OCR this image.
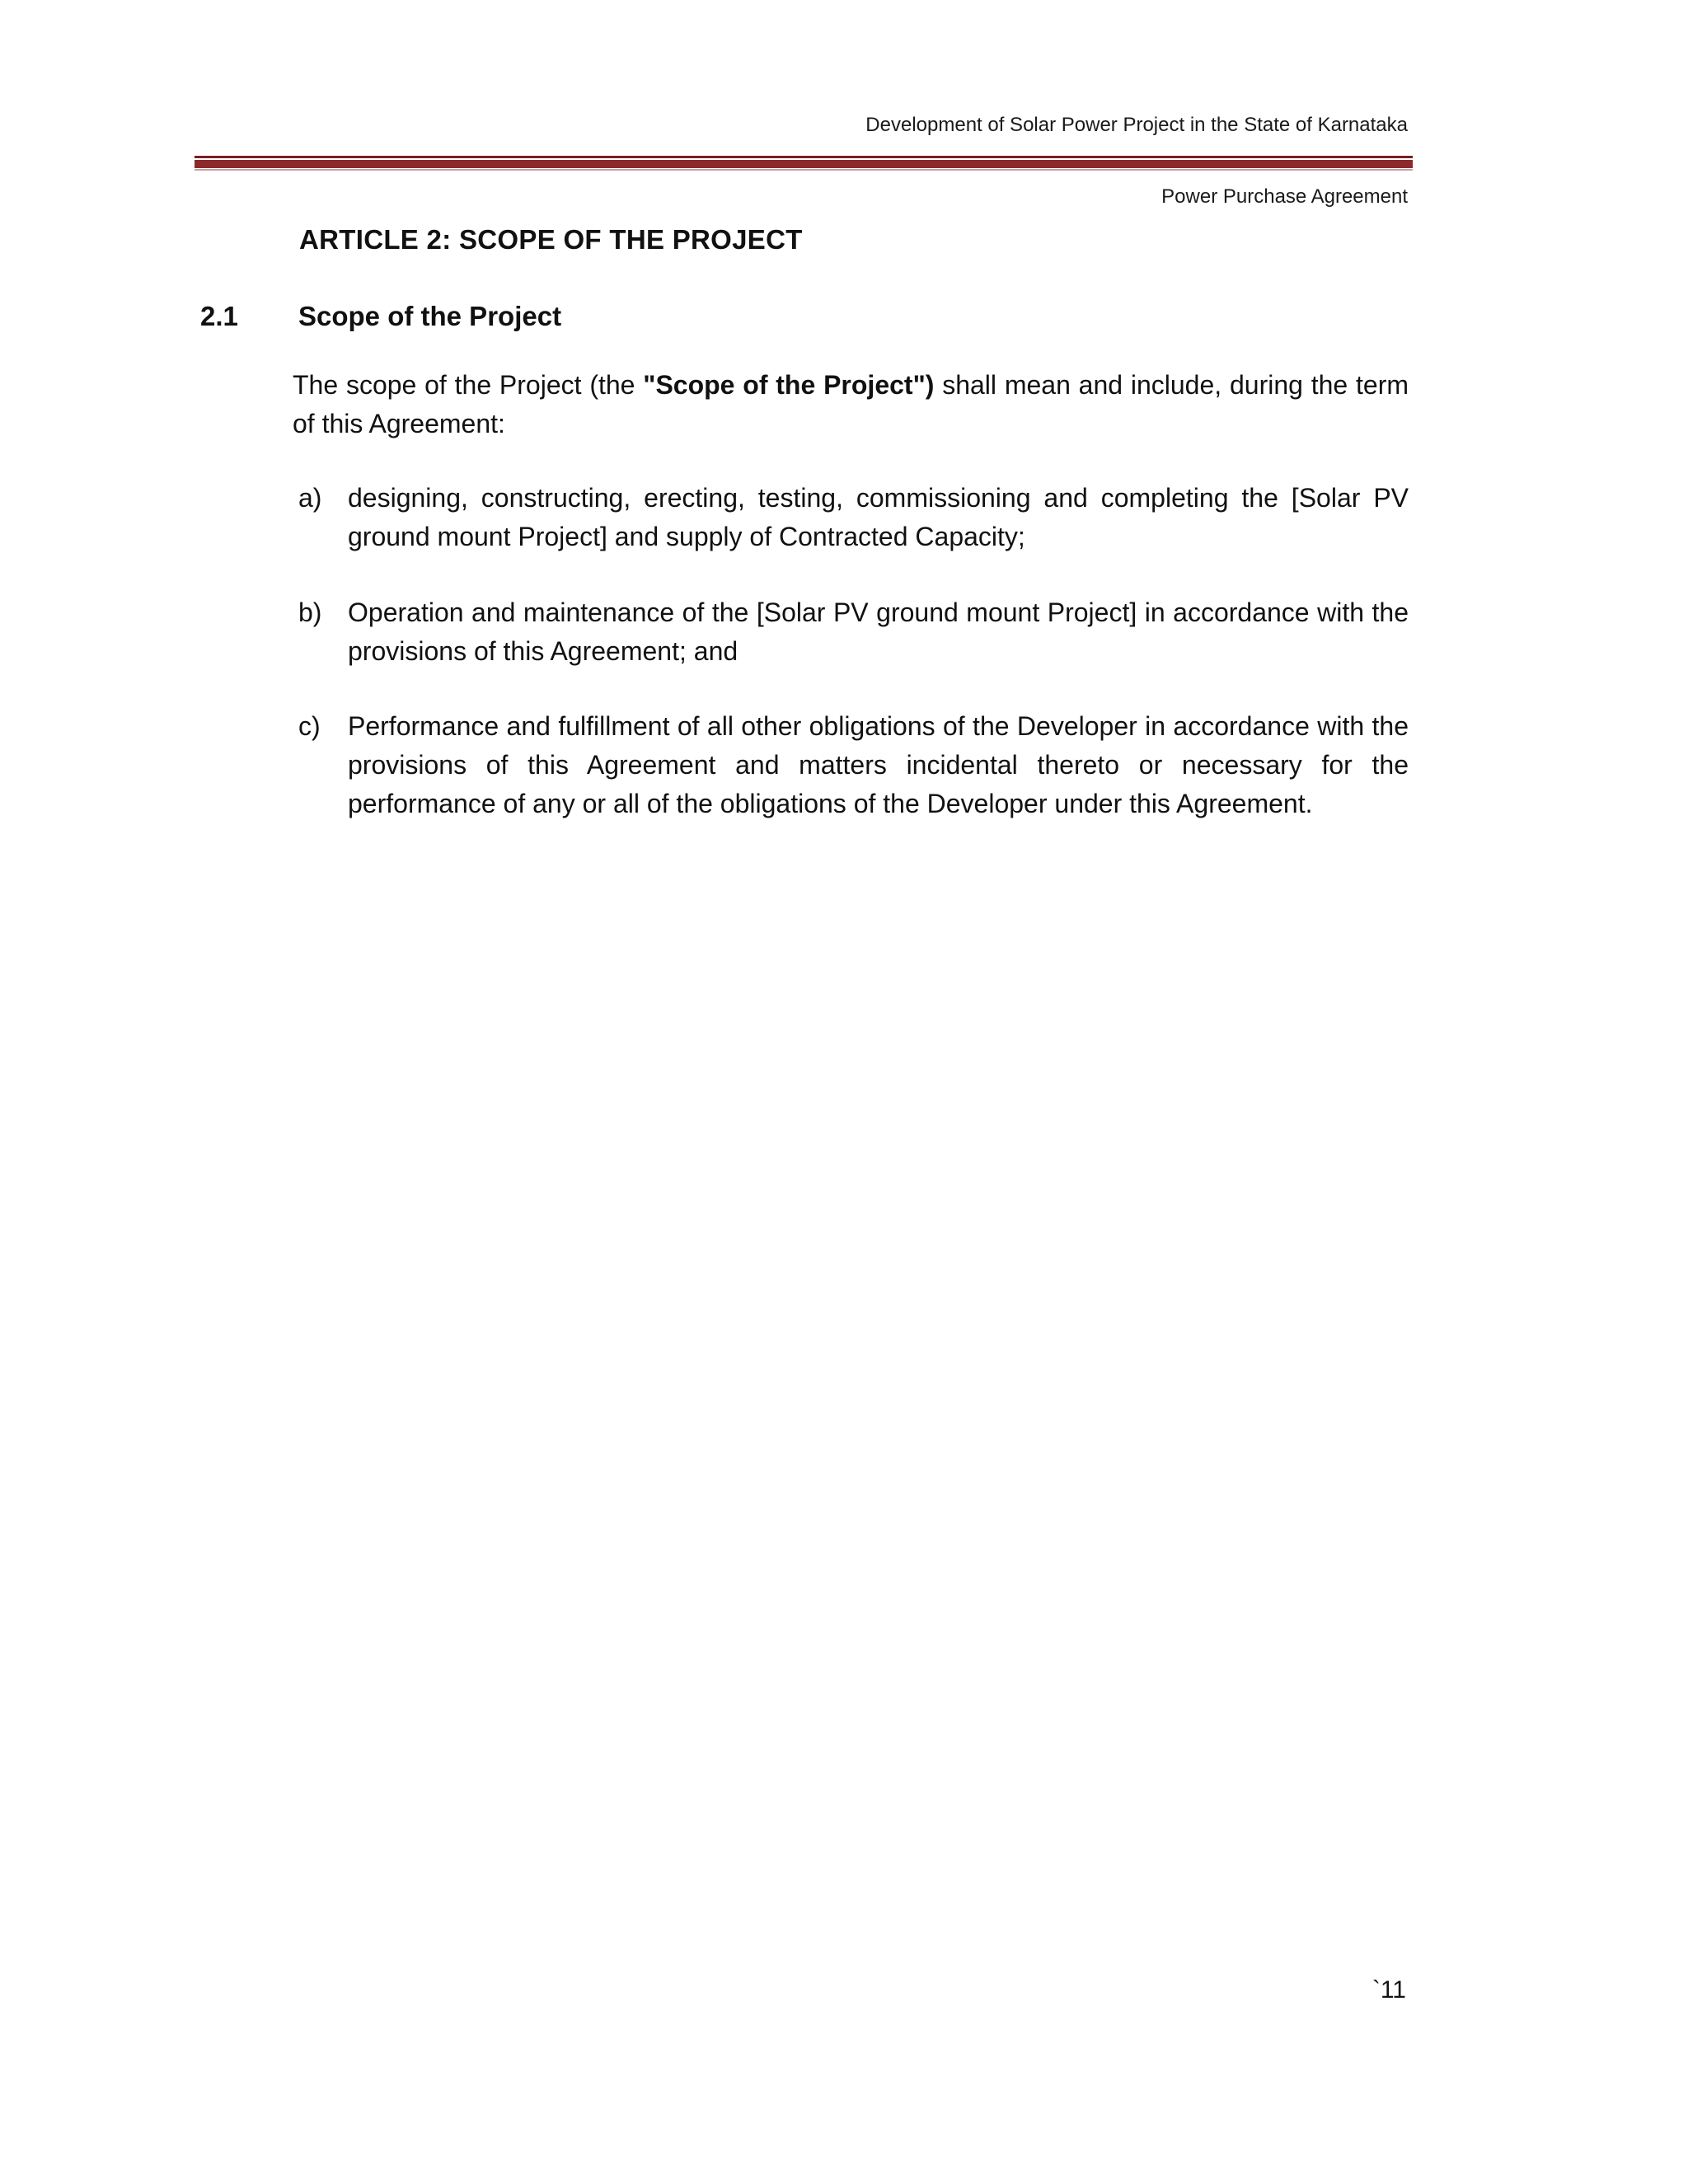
Development of Solar Power Project in the State of Karnataka
Power Purchase Agreement
ARTICLE 2: SCOPE OF THE PROJECT
2.1 Scope of the Project
The scope of the Project (the "Scope of the Project") shall mean and include, during the term of this Agreement:
a) designing, constructing, erecting, testing, commissioning and completing the [Solar PV ground mount Project] and supply of Contracted Capacity;
b) Operation and maintenance of the [Solar PV ground mount Project] in accordance with the provisions of this Agreement; and
c) Performance and fulfillment of all other obligations of the Developer in accordance with the provisions of this Agreement and matters incidental thereto or necessary for the performance of any or all of the obligations of the Developer under this Agreement.
`11
